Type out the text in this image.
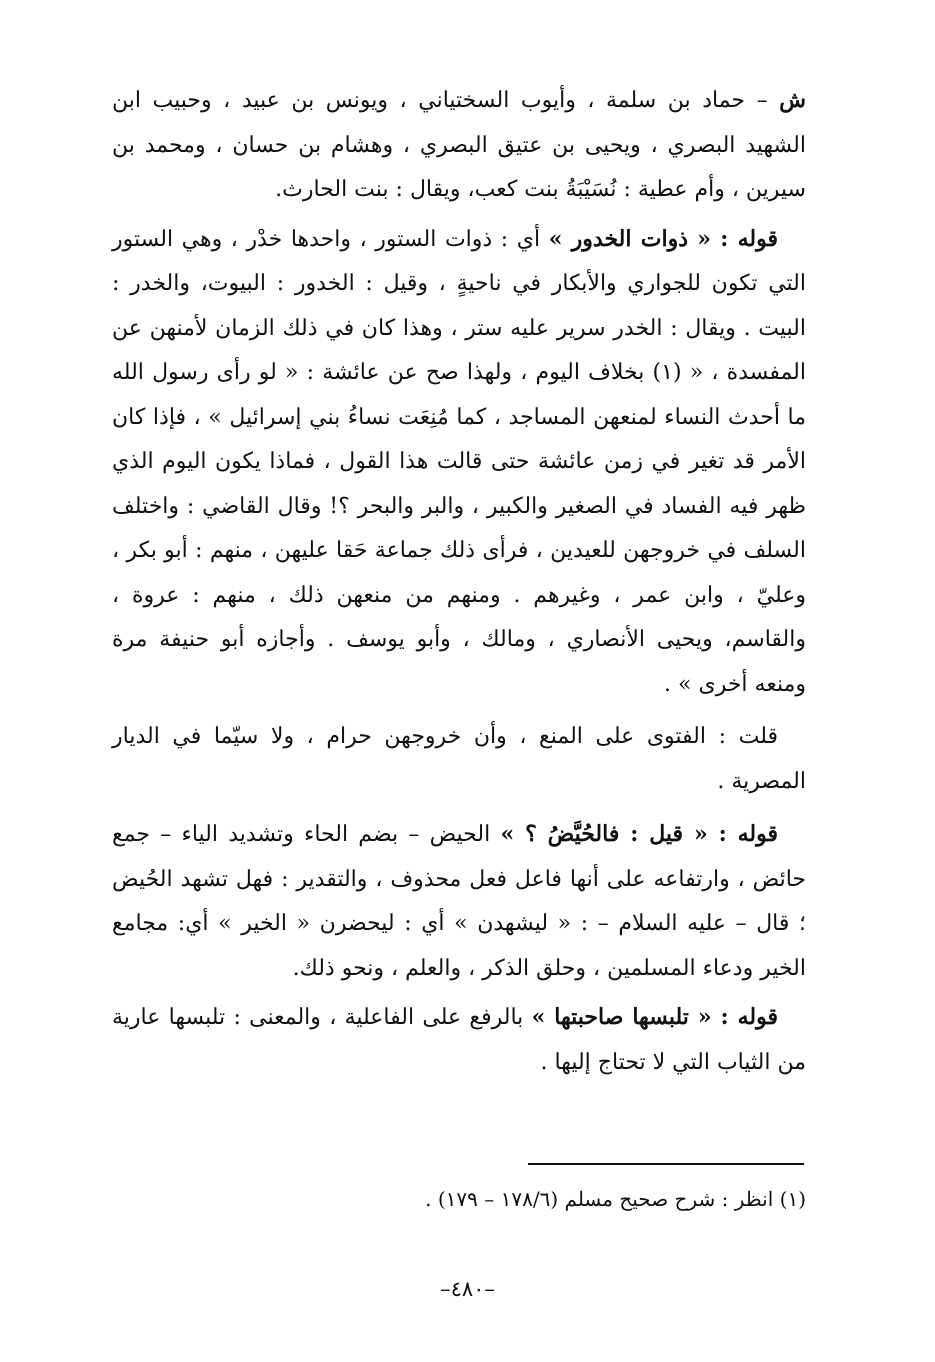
ش – حماد بن سلمة ، وأيوب السختياني ، ويونس بن عبيد ، وحبيب ابن الشهيد البصري ، ويحيى بن عتيق البصري ، وهشام بن حسان ، ومحمد بن سيرين ، وأم عطية : نُسَيْبَةُ بنت كعب، ويقال : بنت الحارث.

قوله : « ذوات الخدور » أي : ذوات الستور ، واحدها خدْر ، وهي الستور التي تكون للجواري والأبكار في ناحيةٍ ، وقيل : الخدور : البيوت، والخدر : البيت . ويقال : الخدر سرير عليه ستر ، وهذا كان في ذلك الزمان لأمنهن عن المفسدة ، « (١) بخلاف اليوم ، ولهذا صح عن عائشة : « لو رأى رسول الله ما أحدث النساء لمنعهن المساجد ، كما مُنِعَت نساءُ بني إسرائيل » ، فإذا كان الأمر قد تغير في زمن عائشة حتى قالت هذا القول ، فماذا يكون اليوم الذي ظهر فيه الفساد في الصغير والكبير ، والبر والبحر ؟! وقال القاضي : واختلف السلف في خروجهن للعيدين ، فرأى ذلك جماعة حَقا عليهن ، منهم : أبو بكر ، وعليّ ، وابن عمر ، وغيرهم . ومنهم من منعهن ذلك ، منهم : عروة ، والقاسم، ويحيى الأنصاري ، ومالك ، وأبو يوسف . وأجازه أبو حنيفة مرة ومنعه أخرى » .

قلت : الفتوى على المنع ، وأن خروجهن حرام ، ولا سيّما في الديار المصرية .

قوله : « قيل : فالحُيَّضُ ؟ » الحيض – بضم الحاء وتشديد الياء – جمع حائض ، وارتفاعه على أنها فاعل فعل محذوف ، والتقدير : فهل تشهد الحُيض ؛ قال – عليه السلام – : « ليشهدن » أي : ليحضرن « الخير » أي: مجامع الخير ودعاء المسلمين ، وحلق الذكر ، والعلم ، ونحو ذلك.

قوله : « تلبسها صاحبتها » بالرفع على الفاعلية ، والمعنى : تلبسها عارية من الثياب التي لا تحتاج إليها .

(١) انظر : شرح صحيح مسلم (١٧٨/٦ – ١٧٩) .

–٤٨٠–
